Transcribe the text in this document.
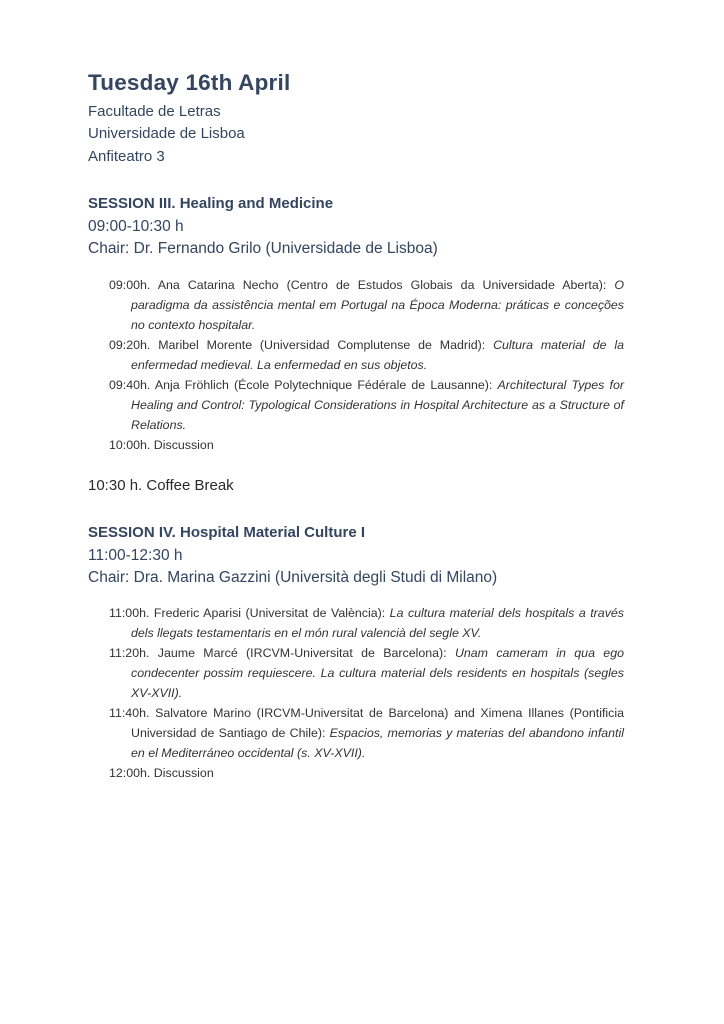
Tuesday 16th April
Facultade de Letras
Universidade de Lisboa
Anfiteatro 3
SESSION III. Healing and Medicine
09:00-10:30 h
Chair: Dr. Fernando Grilo (Universidade de Lisboa)

09:00h. Ana Catarina Necho (Centro de Estudos Globais da Universidade Aberta): O paradigma da assistência mental em Portugal na Época Moderna: práticas e conceções no contexto hospitalar.

09:20h. Maribel Morente (Universidad Complutense de Madrid): Cultura material de la enfermedad medieval. La enfermedad en sus objetos.

09:40h. Anja Fröhlich (École Polytechnique Fédérale de Lausanne): Architectural Types for Healing and Control: Typological Considerations in Hospital Architecture as a Structure of Relations.

10:00h. Discussion

10:30 h. Coffee Break
SESSION IV. Hospital Material Culture I
11:00-12:30 h
Chair: Dra. Marina Gazzini (Università degli Studi di Milano)

11:00h. Frederic Aparisi (Universitat de València): La cultura material dels hospitals a través dels llegats testamentaris en el món rural valencià del segle XV.

11:20h. Jaume Marcé (IRCVM-Universitat de Barcelona): Unam cameram in qua ego condecenter possim requiescere. La cultura material dels residents en hospitals (segles XV-XVII).

11:40h. Salvatore Marino (IRCVM-Universitat de Barcelona) and Ximena Illanes (Pontificia Universidad de Santiago de Chile): Espacios, memorias y materias del abandono infantil en el Mediterráneo occidental (s. XV-XVII).

12:00h. Discussion
